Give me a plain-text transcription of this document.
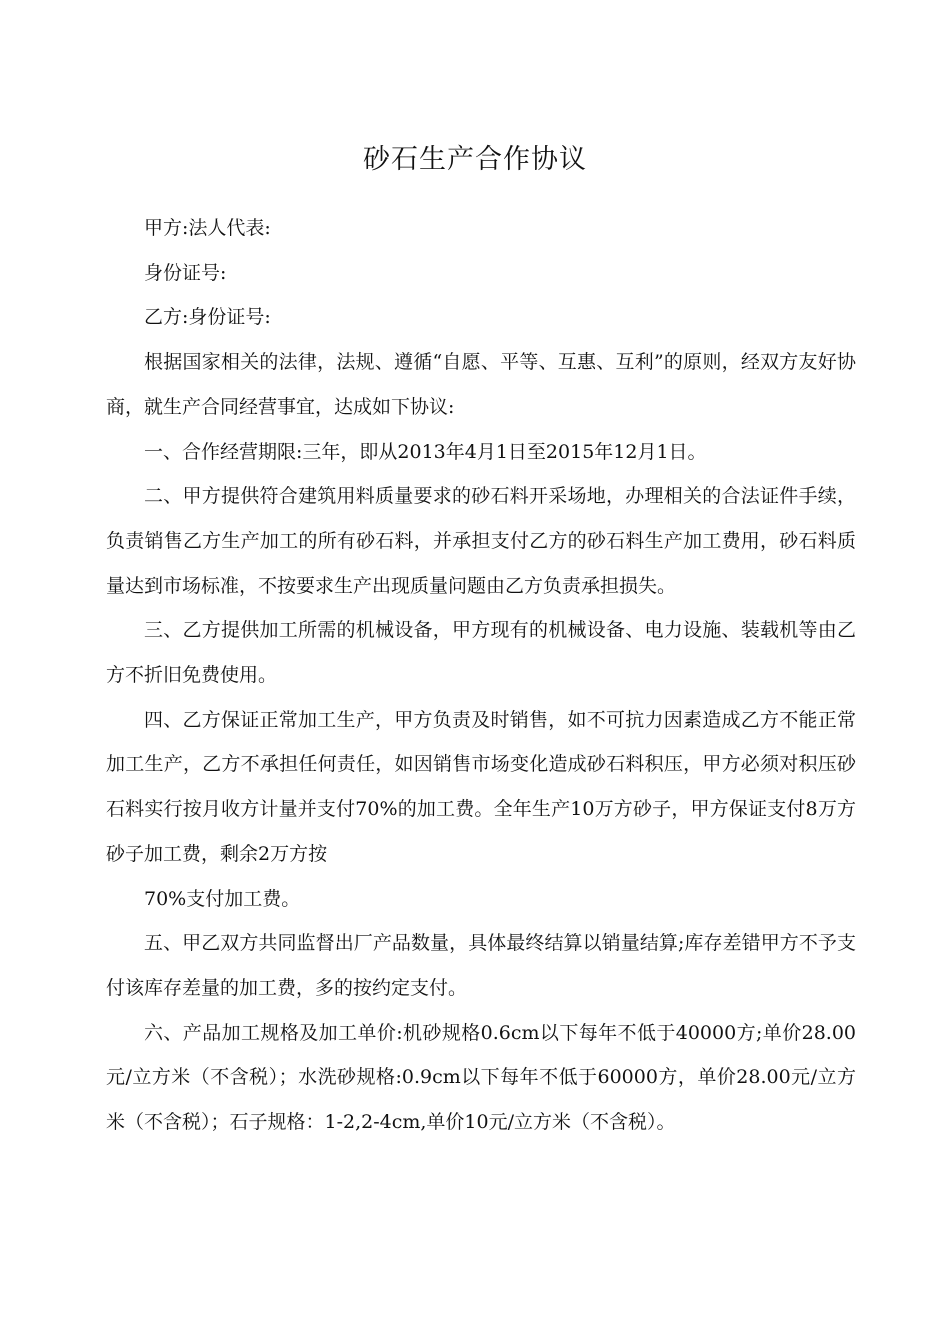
砂石生产合作协议

甲方:法人代表:

身份证号:

乙方:身份证号:

根据国家相关的法律，法规、遵循“自愿、平等、互惠、互利”的原则，经双方友好协商，就生产合同经营事宜，达成如下协议:

一、合作经营期限:三年，即从2013年4月1日至2015年12月1日。

二、甲方提供符合建筑用料质量要求的砂石料开采场地，办理相关的合法证件手续，负责销售乙方生产加工的所有砂石料，并承担支付乙方的砂石料生产加工费用，砂石料质量达到市场标准，不按要求生产出现质量问题由乙方负责承担损失。

三、乙方提供加工所需的机械设备，甲方现有的机械设备、电力设施、装载机等由乙方不折旧免费使用。

四、乙方保证正常加工生产，甲方负责及时销售，如不可抗力因素造成乙方不能正常加工生产，乙方不承担任何责任，如因销售市场变化造成砂石料积压，甲方必须对积压砂石料实行按月收方计量并支付70%的加工费。全年生产10万方砂子，甲方保证支付8万方砂子加工费，剩余2万方按

70%支付加工费。

五、甲乙双方共同监督出厂产品数量，具体最终结算以销量结算;库存差错甲方不予支付该库存差量的加工费，多的按约定支付。

六、产品加工规格及加工单价:机砂规格0.6cm以下每年不低于40000方;单价28.00元/立方米（不含税）；水洗砂规格:0.9cm以下每年不低于60000方，单价28.00元/立方米（不含税）；石子规格：1-2,2-4cm,单价10元/立方米（不含税）。
